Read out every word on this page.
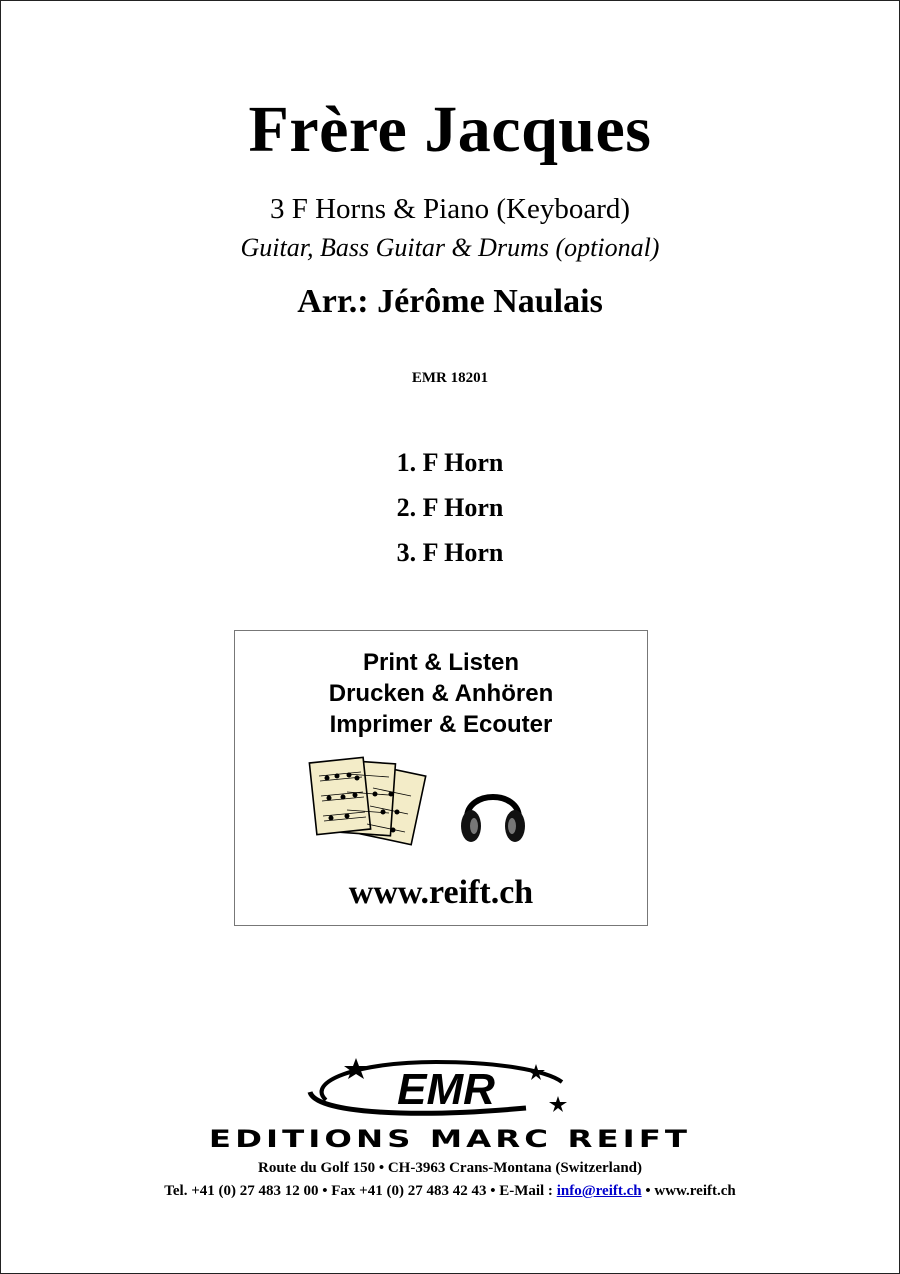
Frère Jacques
3 F Horns & Piano (Keyboard)
Guitar, Bass Guitar & Drums (optional)
Arr.: Jérôme Naulais
EMR 18201
1. F Horn
2. F Horn
3. F Horn
Print & Listen
Drucken & Anhören
Imprimer & Ecouter
www.reift.ch
EMR
EDITIONS MARC REIFT
Route du Golf 150 • CH-3963 Crans-Montana (Switzerland)
Tel. +41 (0) 27 483 12 00 • Fax +41 (0) 27 483 42 43 • E-Mail : info@reift.ch • www.reift.ch
